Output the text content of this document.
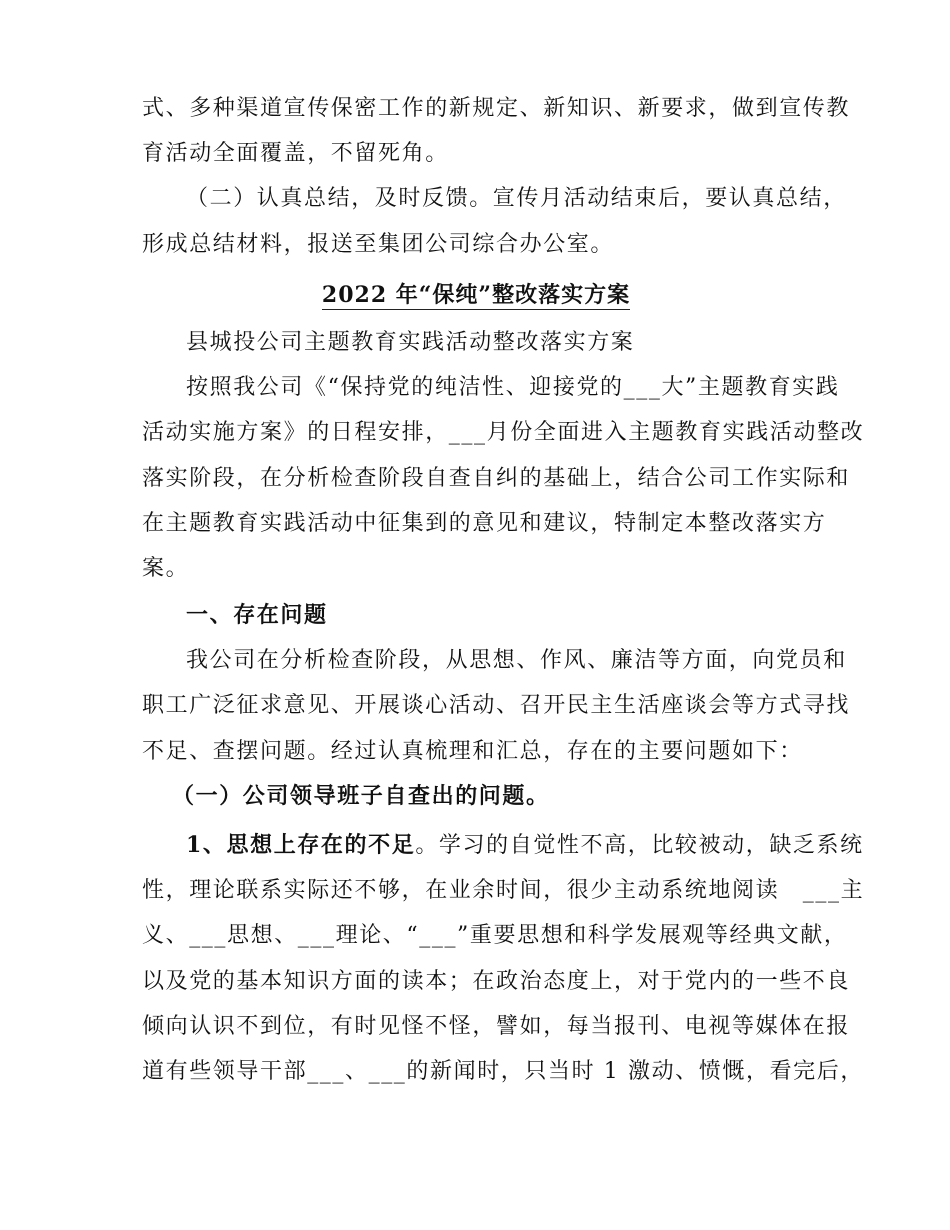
式、多种渠道宣传保密工作的新规定、新知识、新要求，做到宣传教
育活动全面覆盖，不留死角。
（二）认真总结，及时反馈。宣传月活动结束后，要认真总结，
形成总结材料，报送至集团公司综合办公室。
2022 年“保纯”整改落实方案
县城投公司主题教育实践活动整改落实方案
按照我公司《“保持党的纯洁性、迎接党的___大”主题教育实践
活动实施方案》的日程安排，___月份全面进入主题教育实践活动整改
落实阶段，在分析检查阶段自查自纠的基础上，结合公司工作实际和
在主题教育实践活动中征集到的意见和建议，特制定本整改落实方
案。
一、存在问题
我公司在分析检查阶段，从思想、作风、廉洁等方面，向党员和
职工广泛征求意见、开展谈心活动、召开民主生活座谈会等方式寻找
不足、查摆问题。经过认真梳理和汇总，存在的主要问题如下：
（一）公司领导班子自查出的问题。
1、思想上存在的不足。学习的自觉性不高，比较被动，缺乏系统
性，理论联系实际还不够，在业余时间，很少主动系统地阅读　___主
义、___思想、___理论、“___”重要思想和科学发展观等经典文献，
以及党的基本知识方面的读本；在政治态度上，对于党内的一些不良
倾向认识不到位，有时见怪不怪，譬如，每当报刊、电视等媒体在报
道有些领导干部___、___的新闻时，只当时 1 激动、愤慨，看完后，
